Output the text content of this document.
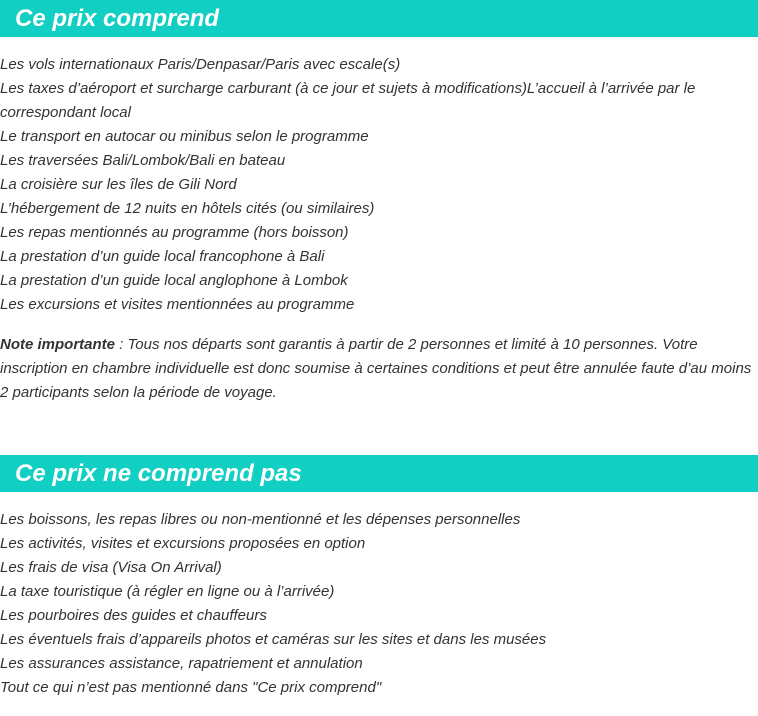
Ce prix comprend
Les vols internationaux Paris/Denpasar/Paris avec escale(s)
Les taxes d’aéroport et surcharge carburant (à ce jour et sujets à modifications)L’accueil à l’arrivée par le correspondant local
Le transport en autocar ou minibus selon le programme
Les traversées Bali/Lombok/Bali en bateau
La croisière sur les îles de Gili Nord
L’hébergement de 12 nuits en hôtels cités (ou similaires)
Les repas mentionnés au programme (hors boisson)
La prestation d’un guide local francophone à Bali
La prestation d’un guide local anglophone à Lombok
Les excursions et visites mentionnées au programme

Note importante : Tous nos départs sont garantis à partir de 2 personnes et limité à 10 personnes. Votre inscription en chambre individuelle est donc soumise à certaines conditions et peut être annulée faute d’au moins 2 participants selon la période de voyage.

Ce prix ne comprend pas
Les boissons, les repas libres ou non-mentionné et les dépenses personnelles
Les activités, visites et excursions proposées en option
Les frais de visa (Visa On Arrival)
La taxe touristique (à régler en ligne ou à l’arrivée)
Les pourboires des guides et chauffeurs
Les éventuels frais d’appareils photos et caméras sur les sites et dans les musées
Les assurances assistance, rapatriement et annulation
Tout ce qui n’est pas mentionné dans "Ce prix comprend"
